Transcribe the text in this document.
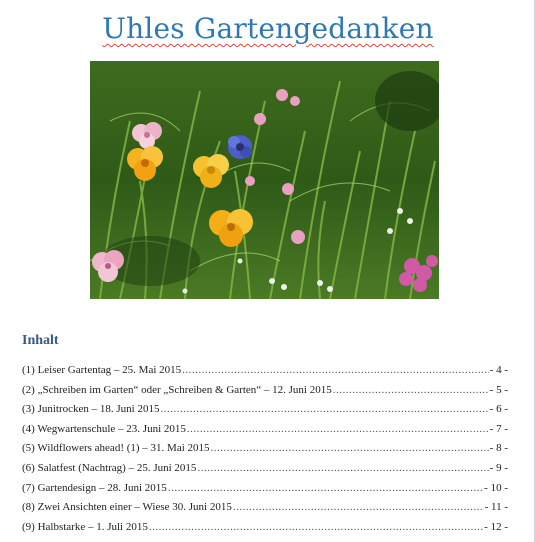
Uhles Gartengedanken
Inhalt
(1) Leiser Gartentag – 25. Mai 2015 .....	- 4 -
(2) „Schreiben im Garten“ oder „Schreiben & Garten“ – 12. Juni 2015 .....	- 5 -
(3) Junitrocken – 18. Juni 2015 .....	- 6 -
(4) Wegwartenschule – 23. Juni 2015 .....	- 7 -
(5) Wildflowers ahead! (1) – 31. Mai 2015 .....	- 8 -
(6) Salatfest (Nachtrag) – 25. Juni 2015 .....	- 9 -
(7) Gartendesign – 28. Juni 2015 .....	- 10 -
(8) Zwei Ansichten einer – Wiese 30. Juni 2015 .....	- 11 -
(9) Halbstarke – 1. Juli 2015 .....	- 12 -
